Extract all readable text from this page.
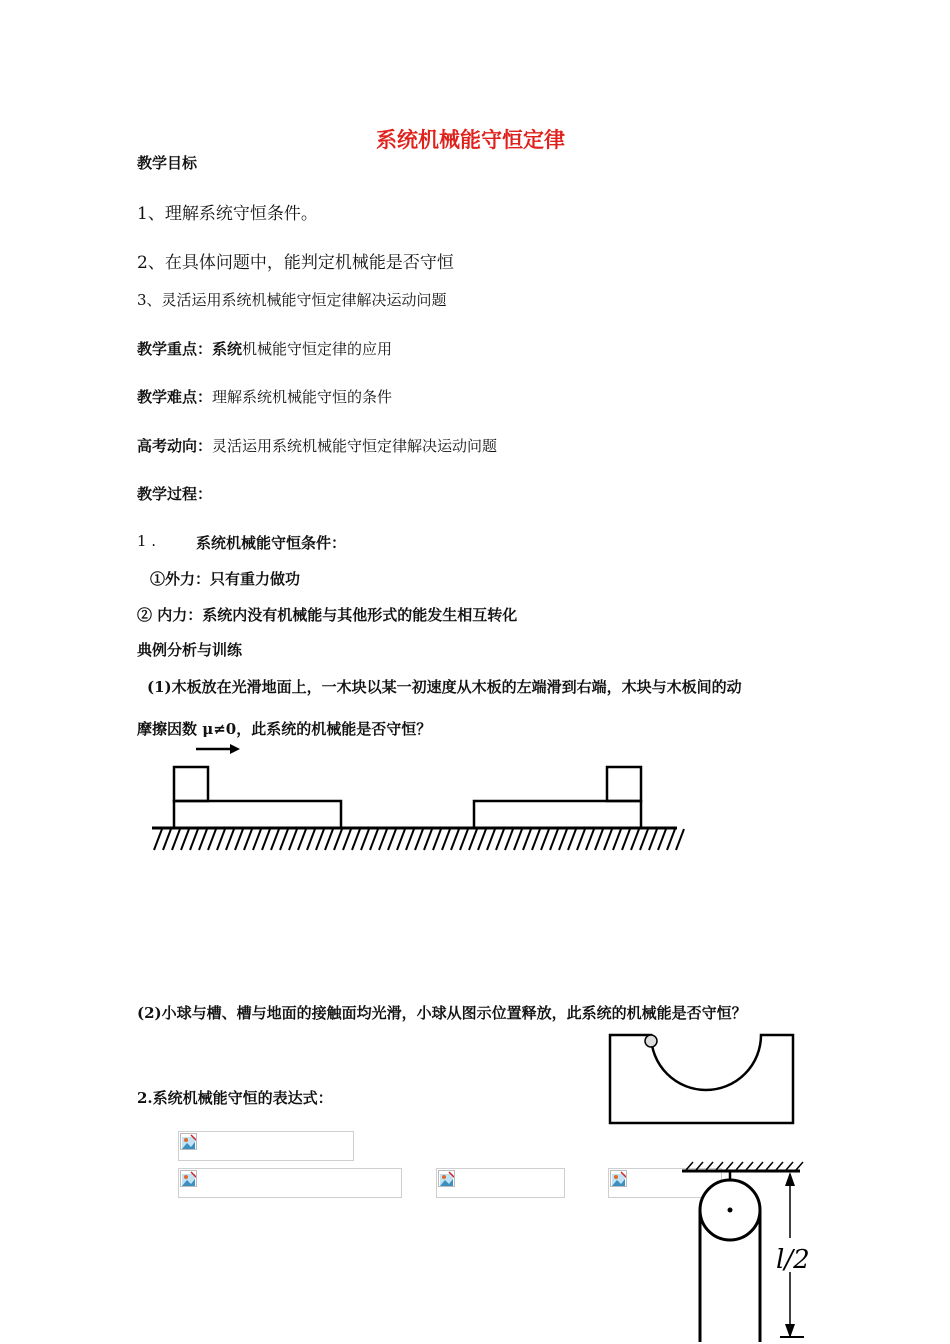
系统机械能守恒定律
教学目标
1、理解系统守恒条件。
2、在具体问题中，能判定机械能是否守恒
3、灵活运用系统机械能守恒定律解决运动问题
教学重点：系统机械能守恒定律的应用
教学难点：理解系统机械能守恒的条件
高考动向：灵活运用系统机械能守恒定律解决运动问题
教学过程：
1 .	系统机械能守恒条件：
①外力：只有重力做功
② 内力：系统内没有机械能与其他形式的能发生相互转化
典例分析与训练
(1)木板放在光滑地面上，一木块以某一初速度从木板的左端滑到右端，木块与木板间的动
摩擦因数 μ≠0，此系统的机械能是否守恒？
(2)小球与槽、槽与地面的接触面均光滑，小球从图示位置释放，此系统的机械能是否守恒？
2.系统机械能守恒的表达式：
l/2
